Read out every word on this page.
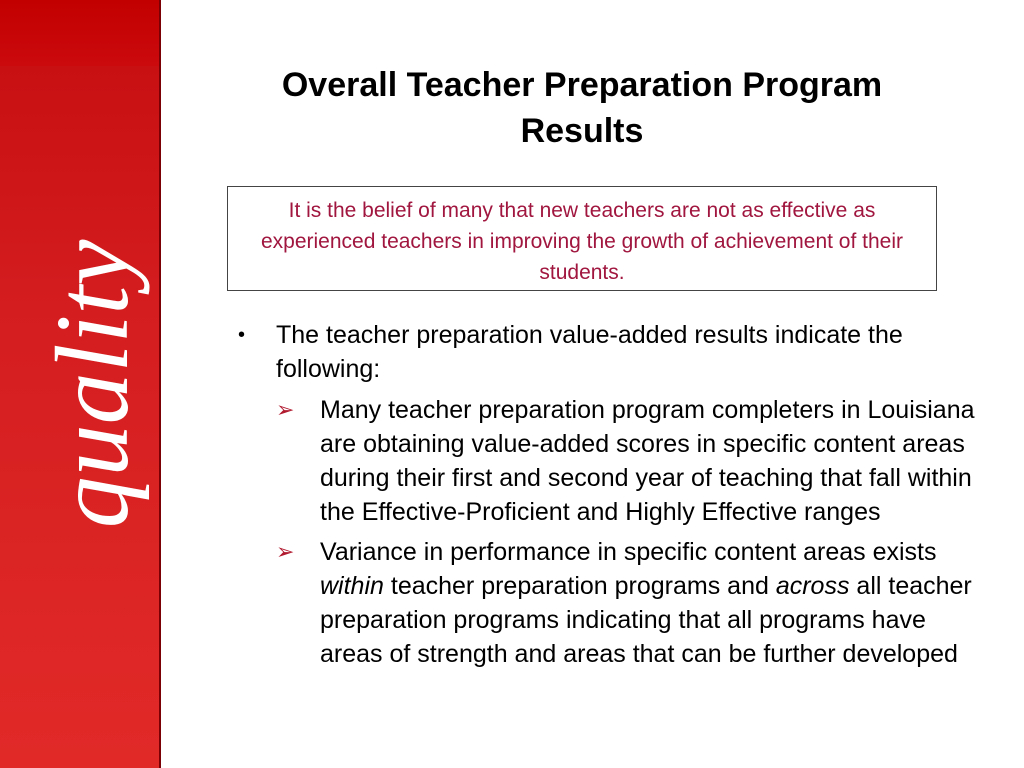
quality
Overall Teacher Preparation Program Results
It is the belief of many that new teachers are not as effective as experienced teachers in improving the growth of achievement of their students.
• The teacher preparation value-added results indicate the following:
➢ Many teacher preparation program completers in Louisiana are obtaining value-added scores in specific content areas during their first and second year of teaching that fall within the Effective-Proficient and Highly Effective ranges
➢ Variance in performance in specific content areas exists within teacher preparation programs and across all teacher preparation programs indicating that all programs have areas of strength and areas that can be further developed
